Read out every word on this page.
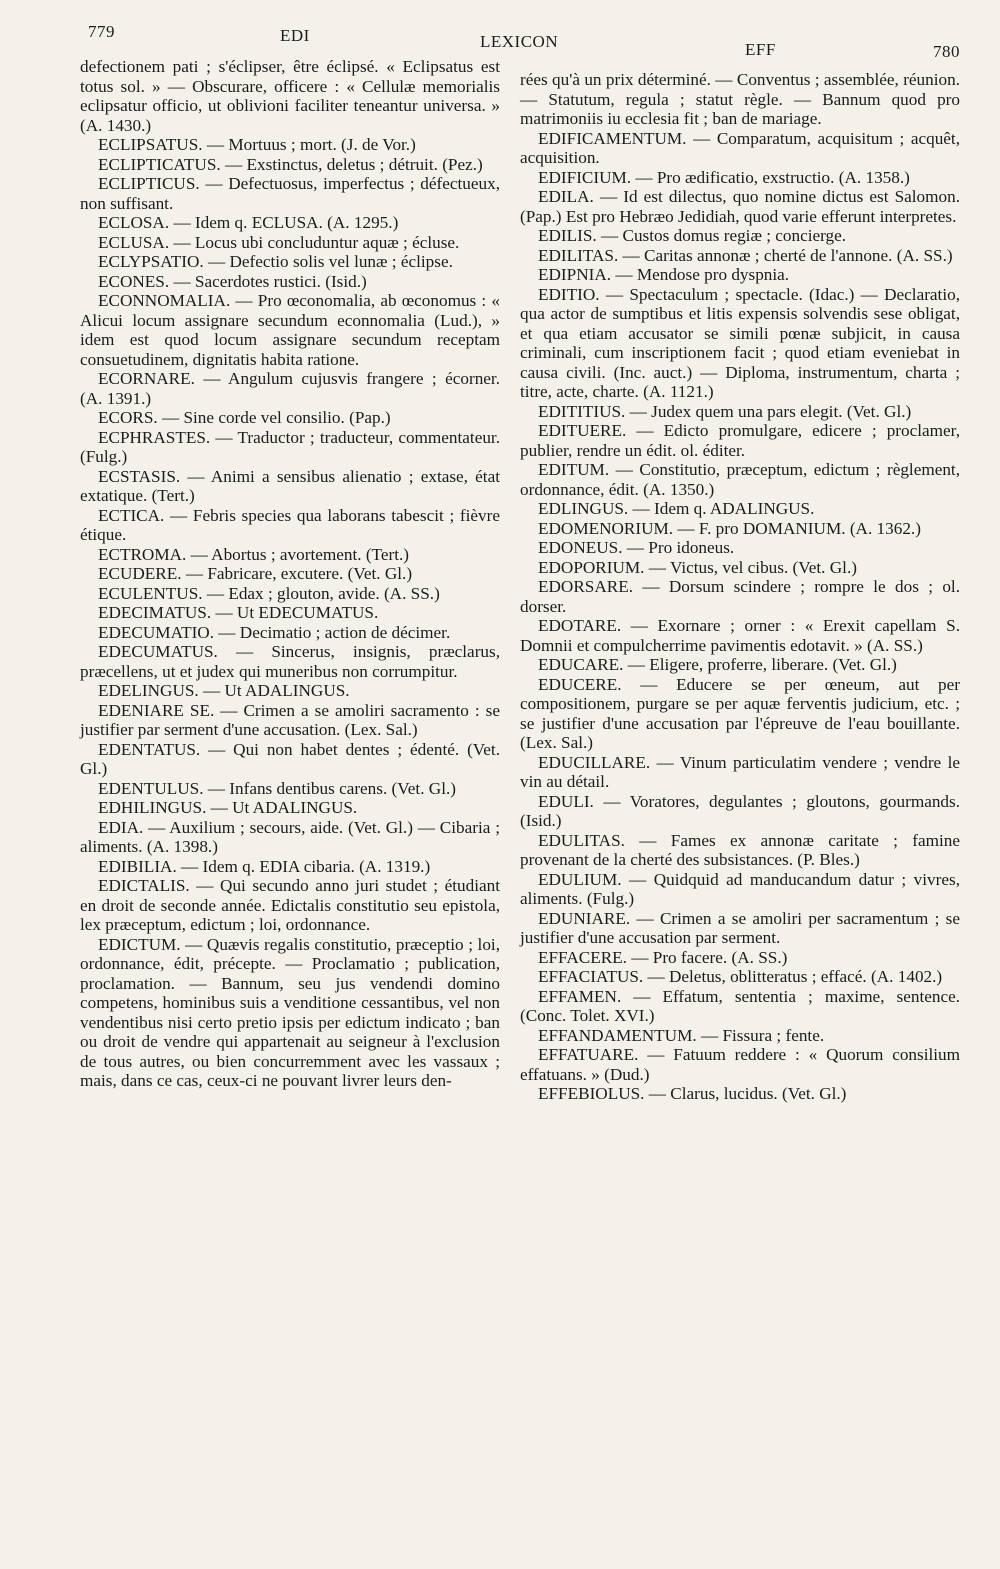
779	EDI	LEXICON	EFF	780

defectionem pati ; s'éclipser, être éclipsé. « Eclipsatus est totus sol. » — Obscurare, officere : « Cellulæ memorialis eclipsatur officio, ut oblivioni faciliter teneantur universa. » (A. 1430.)

ECLIPSATUS. — Mortuus ; mort. (J. de Vor.)

ECLIPTICATUS. — Exstinctus, deletus ; détruit. (Pez.)

ECLIPTICUS. — Defectuosus, imperfectus ; défectueux, non suffisant.

ECLOSA. — Idem q. ECLUSA. (A. 1295.)

ECLUSA. — Locus ubi concluduntur aquæ ; écluse.

ECLYPSATIO. — Defectio solis vel lunæ ; éclipse.

ECONES. — Sacerdotes rustici. (Isid.)

ECONNOMALIA. — Pro œconomalia, ab œconomus : « Alicui locum assignare secundum econnomalia (Lud.), » idem est quod locum assignare secundum receptam consuetudinem, dignitatis habita ratione.

ECORNARE. — Angulum cujusvis frangere ; écorner. (A. 1391.)

ECORS. — Sine corde vel consilio. (Pap.)

ECPHRASTES. — Traductor ; traducteur, commentateur. (Fulg.)

ECSTASIS. — Animi a sensibus alienatio ; extase, état extatique. (Tert.)

ECTICA. — Febris species qua laborans tabescit ; fièvre étique.

ECTROMA. — Abortus ; avortement. (Tert.)

ECUDERE. — Fabricare, excutere. (Vet. Gl.)

ECULENTUS. — Edax ; glouton, avide. (A. SS.)

EDECIMATUS. — Ut EDECUMATUS.

EDECUMATIO. — Decimatio ; action de décimer.

EDECUMATUS. — Sincerus, insignis, præclarus, præcellens, ut et judex qui muneribus non corrumpitur.

EDELINGUS. — Ut ADALINGUS.

EDENIARE SE. — Crimen a se amoliri sacramento : se justifier par serment d'une accusation. (Lex. Sal.)

EDENTATUS. — Qui non habet dentes ; édenté. (Vet. Gl.)

EDENTULUS. — Infans dentibus carens. (Vet. Gl.)

EDHILINGUS. — Ut ADALINGUS.

EDIA. — Auxilium ; secours, aide. (Vet. Gl.) — Cibaria ; aliments. (A. 1398.)

EDIBILIA. — Idem q. EDIA cibaria. (A. 1319.)

EDICTALIS. — Qui secundo anno juri studet ; étudiant en droit de seconde année. Edictalis constitutio seu epistola, lex præceptum, edictum ; loi, ordonnance.

EDICTUM. — Quævis regalis constitutio, præceptio ; loi, ordonnance, édit, précepte. — Proclamatio ; publication, proclamation. — Bannum, seu jus vendendi domino competens, hominibus suis a venditione cessantibus, vel non vendentibus nisi certo pretio ipsis per edictum indicato ; ban ou droit de vendre qui appartenait au seigneur à l'exclusion de tous autres, ou bien concurremment avec les vassaux ; mais, dans ce cas, ceux-ci ne pouvant livrer leurs den-

rées qu'à un prix déterminé. — Conventus ; assemblée, réunion. — Statutum, regula ; statut règle. — Bannum quod pro matrimoniis iu ecclesia fit ; ban de mariage.

EDIFICAMENTUM. — Comparatum, acquisitum ; acquêt, acquisition.

EDIFICIUM. — Pro ædificatio, exstructio. (A. 1358.)

EDILA. — Id est dilectus, quo nomine dictus est Salomon. (Pap.) Est pro Hebræo Jedidiah, quod varie efferunt interpretes.

EDILIS. — Custos domus regiæ ; concierge.

EDILITAS. — Caritas annonæ ; cherté de l'annone. (A. SS.)

EDIPNIA. — Mendose pro dyspnia.

EDITIO. — Spectaculum ; spectacle. (Idac.) — Declaratio, qua actor de sumptibus et litis expensis solvendis sese obligat, et qua etiam accusator se simili pœnæ subjicit, in causa criminali, cum inscriptionem facit ; quod etiam eveniebat in causa civili. (Inc. auct.) — Diploma, instrumentum, charta ; titre, acte, charte. (A. 1121.)

EDITITIUS. — Judex quem una pars elegit. (Vet. Gl.)

EDITUERE. — Edicto promulgare, edicere ; proclamer, publier, rendre un édit. ol. éditer.

EDITUM. — Constitutio, præceptum, edictum ; règlement, ordonnance, édit. (A. 1350.)

EDLINGUS. — Idem q. ADALINGUS.

EDOMENORIUM. — F. pro DOMANIUM. (A. 1362.)

EDONEUS. — Pro idoneus.

EDOPORIUM. — Victus, vel cibus. (Vet. Gl.)

EDORSARE. — Dorsum scindere ; rompre le dos ; ol. dorser.

EDOTARE. — Exornare ; orner : « Erexit capellam S. Domnii et compulcherrime pavimentis edotavit. » (A. SS.)

EDUCARE. — Eligere, proferre, liberare. (Vet. Gl.)

EDUCERE. — Educere se per œneum, aut per compositionem, purgare se per aquæ ferventis judicium, etc. ; se justifier d'une accusation par l'épreuve de l'eau bouillante. (Lex. Sal.)

EDUCILLARE. — Vinum particulatim vendere ; vendre le vin au détail.

EDULI. — Voratores, degulantes ; gloutons, gourmands. (Isid.)

EDULITAS. — Fames ex annonæ caritate ; famine provenant de la cherté des subsistances. (P. Bles.)

EDULIUM. — Quidquid ad manducandum datur ; vivres, aliments. (Fulg.)

EDUNIARE. — Crimen a se amoliri per sacramentum ; se justifier d'une accusation par serment.

EFFACERE. — Pro facere. (A. SS.)

EFFACIATUS. — Deletus, oblitteratus ; effacé. (A. 1402.)

EFFAMEN. — Effatum, sententia ; maxime, sentence. (Conc. Tolet. XVI.)

EFFANDAMENTUM. — Fissura ; fente.

EFFATUARE. — Fatuum reddere : « Quorum consilium effatuans. » (Dud.)

EFFEBIOLUS. — Clarus, lucidus. (Vet. Gl.)
